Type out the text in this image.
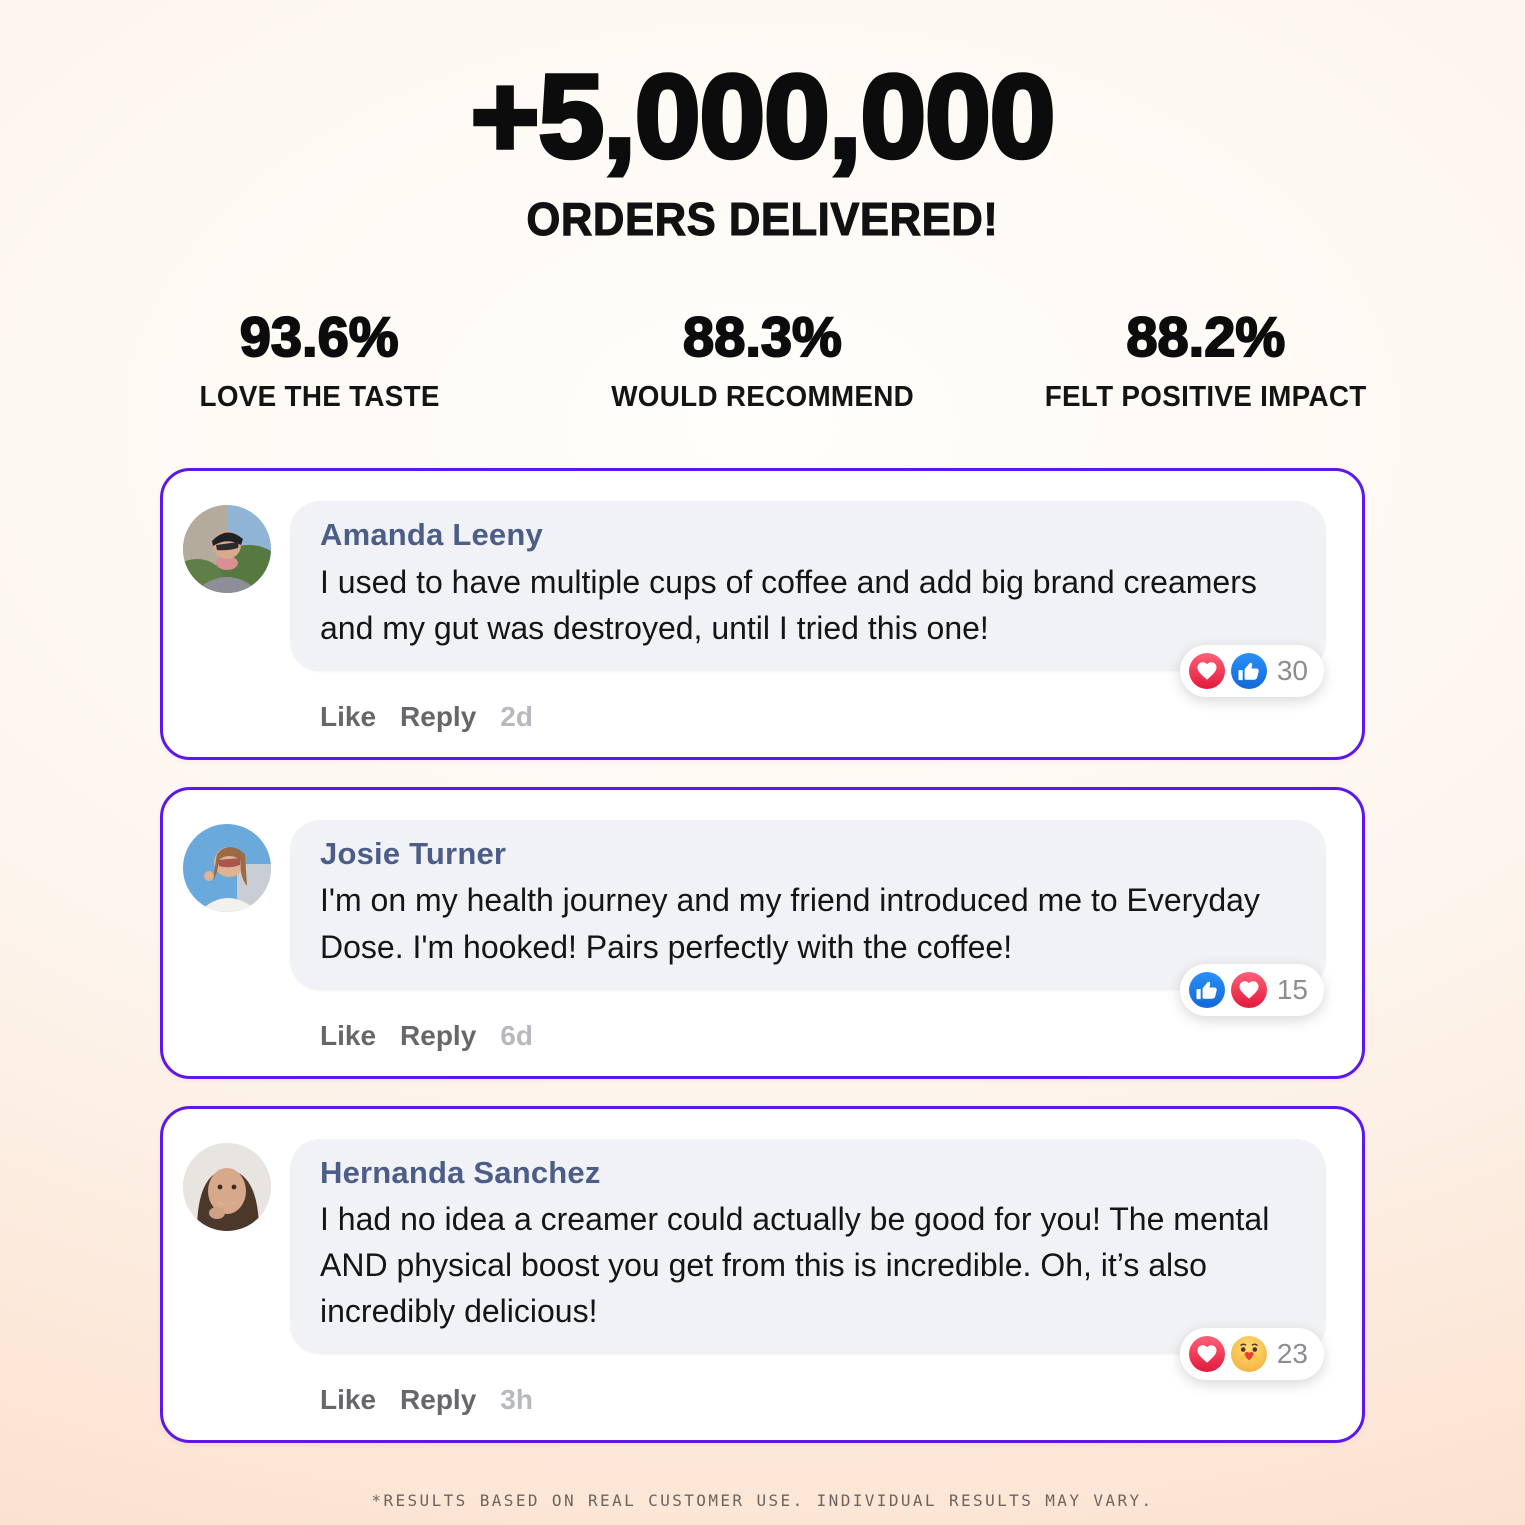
+5,000,000
ORDERS DELIVERED!
93.6%
LOVE THE TASTE
88.3%
WOULD RECOMMEND
88.2%
FELT POSITIVE IMPACT
Amanda Leeny
I used to have multiple cups of coffee and add big brand creamers and my gut was destroyed, until I tried this one!
30
Like Reply 2d
Josie Turner
I'm on my health journey and my friend introduced me to Everyday Dose. I'm hooked! Pairs perfectly with the coffee!
15
Like Reply 6d
Hernanda Sanchez
I had no idea a creamer could actually be good for you! The mental AND physical boost you get from this is incredible. Oh, it’s also incredibly delicious!
23
Like Reply 3h
*RESULTS BASED ON REAL CUSTOMER USE. INDIVIDUAL RESULTS MAY VARY.
